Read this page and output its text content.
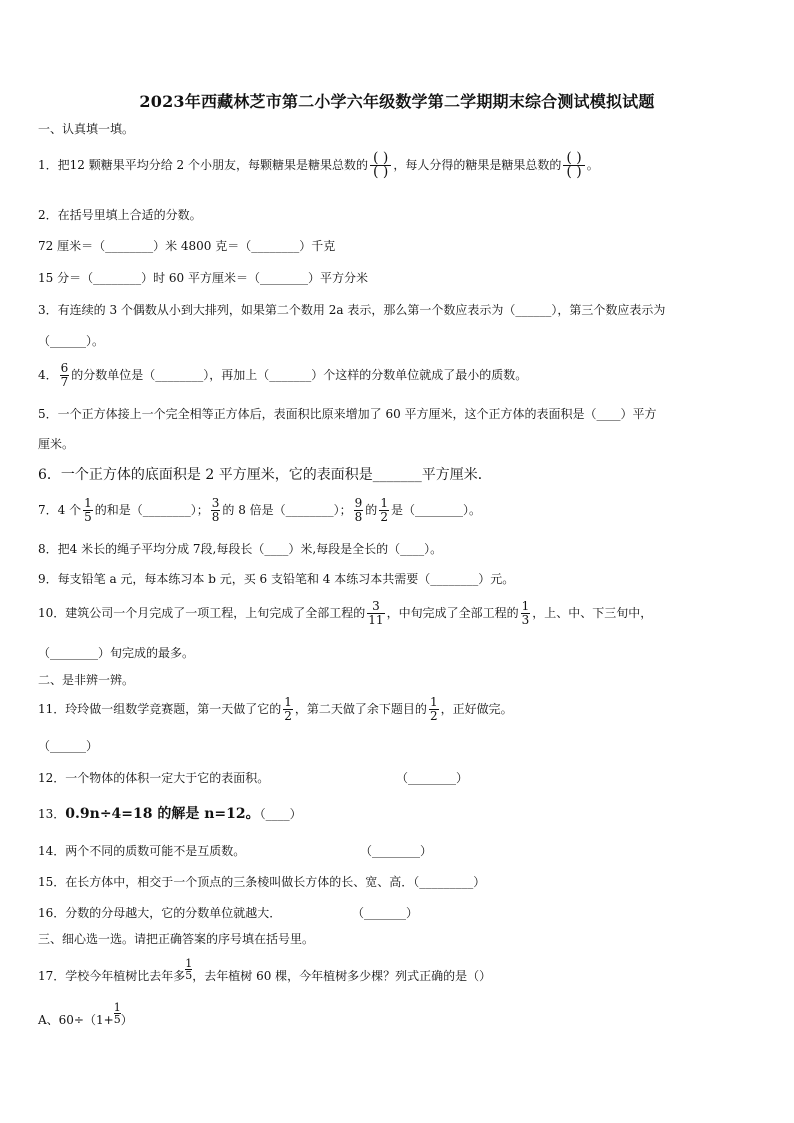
2023年西藏林芝市第二小学六年级数学第二学期期末综合测试模拟试题
一、认真填一填。
1．把12 颗糖果平均分给 2 个小朋友，每颗糖果是糖果总数的 $\frac{( )}{( )}$ ，每人分得的糖果是糖果总数的 $\frac{( )}{( )}$ 。
2．在括号里填上合适的分数。
72 厘米＝（________）米 4800 克＝（________）千克
15 分＝（________）时 60 平方厘米＝（________）平方分米
3．有连续的 3 个偶数从小到大排列，如果第二个数用 2a 表示，那么第一个数应表示为（______），第三个数应表示为
（______）。
4． $\frac{6}{7}$ 的分数单位是（________），再加上（_______）个这样的分数单位就成了最小的质数。
5．一个正方体接上一个完全相等正方体后，表面积比原来增加了 60 平方厘米，这个正方体的表面积是（____）平方
厘米。
6．一个正方体的底面积是 2 平方厘米，它的表面积是_______平方厘米．
7．4 个 $\frac{1}{5}$ 的和是（________）； $\frac{3}{8}$ 的 8 倍是（________）； $\frac{9}{8}$ 的 $\frac{1}{2}$ 是（________）。
8．把4 米长的绳子平均分成 7段,每段长（____）米,每段是全长的（____）。
9．每支铅笔 a 元，每本练习本 b 元，买 6 支铅笔和 4 本练习本共需要（________）元。
10．建筑公司一个月完成了一项工程，上旬完成了全部工程的 $\frac{3}{11}$ ，中旬完成了全部工程的 $\frac{1}{3}$ ，上、中、下三旬中，
（________）旬完成的最多。
二、是非辨一辨。
11．玲玲做一组数学竞赛题，第一天做了它的 $\frac{1}{2}$ ，第二天做了余下题目的 $\frac{1}{2}$ ，正好做完。
（______）
12．一个物体的体积一定大于它的表面积。	（________）
13．0.9n÷4=18 的解是 n=12。（____）
14．两个不同的质数可能不是互质数。	（________）
15．在长方体中，相交于一个顶点的三条棱叫做长方体的长、宽、高．（_________）
16．分数的分母越大，它的分数单位就越大．	（_______）
三、细心选一选。请把正确答案的序号填在括号里。
17．学校今年植树比去年多 $\frac{1}{5}$ ，去年植树 60 棵，今年植树多少棵？列式正确的是（）
A、$60\div(1+ \frac{1}{5}$ ）
